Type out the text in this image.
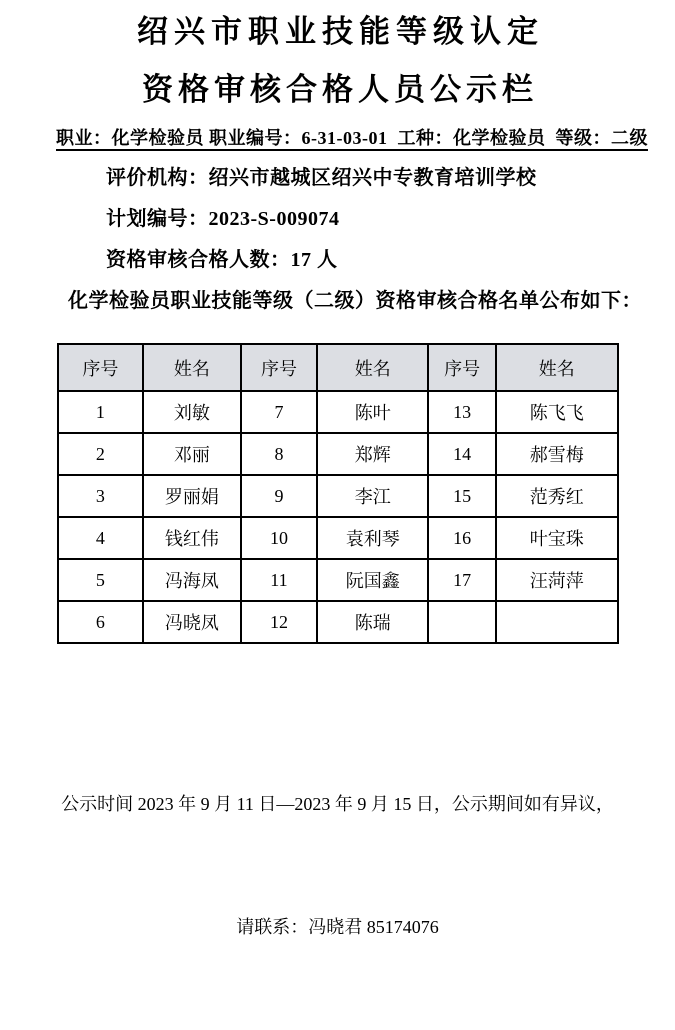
绍兴市职业技能等级认定
资格审核合格人员公示栏
职业：化学检验员 职业编号：6-31-03-01  工种：化学检验员  等级：二级
评价机构：绍兴市越城区绍兴中专教育培训学校
计划编号：2023-S-009074
资格审核合格人数：17 人
化学检验员职业技能等级（二级）资格审核合格名单公布如下：
序号	姓名	序号	姓名	序号	姓名
1	刘敏	7	陈叶	13	陈飞飞
2	邓丽	8	郑辉	14	郝雪梅
3	罗丽娟	9	李江	15	范秀红
4	钱红伟	10	袁利琴	16	叶宝珠
5	冯海凤	11	阮国鑫	17	汪菏萍
6	冯晓凤	12	陈瑞		

公示时间 2023 年 9 月 11 日—2023 年 9 月 15 日，公示期间如有异议，

请联系：冯晓君 85174076
